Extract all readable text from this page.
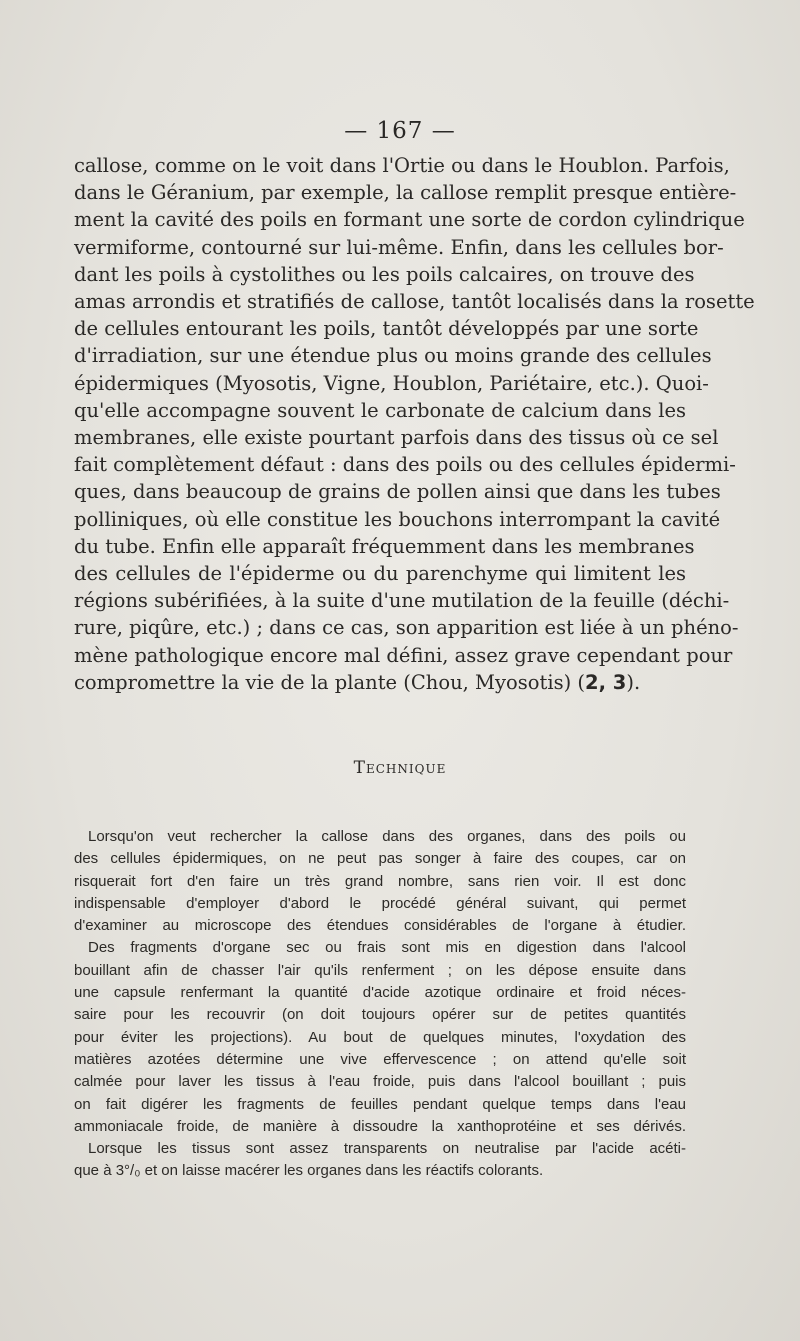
— 167 —
callose, comme on le voit dans l'Ortie ou dans le Houblon. Parfois,
dans le Géranium, par exemple, la callose remplit presque entière-
ment la cavité des poils en formant une sorte de cordon cylindrique
vermiforme, contourné sur lui-même. Enfin, dans les cellules bor-
dant les poils à cystolithes ou les poils calcaires, on trouve des
amas arrondis et stratifiés de callose, tantôt localisés dans la rosette
de cellules entourant les poils, tantôt développés par une sorte
d'irradiation, sur une étendue plus ou moins grande des cellules
épidermiques (Myosotis, Vigne, Houblon, Pariétaire, etc.). Quoi-
qu'elle accompagne souvent le carbonate de calcium dans les
membranes, elle existe pourtant parfois dans des tissus où ce sel
fait complètement défaut : dans des poils ou des cellules épidermi-
ques, dans beaucoup de grains de pollen ainsi que dans les tubes
polliniques, où elle constitue les bouchons interrompant la cavité
du tube. Enfin elle apparaît fréquemment dans les membranes
des cellules de l'épiderme ou du parenchyme qui limitent les
régions subérifiées, à la suite d'une mutilation de la feuille (déchi-
rure, piqûre, etc.) ; dans ce cas, son apparition est liée à un phéno-
mène pathologique encore mal défini, assez grave cependant pour
compromettre la vie de la plante (Chou, Myosotis) (2, 3).
Technique
Lorsqu'on veut rechercher la callose dans des organes, dans des poils ou
des cellules épidermiques, on ne peut pas songer à faire des coupes, car on
risquerait fort d'en faire un très grand nombre, sans rien voir. Il est donc
indispensable d'employer d'abord le procédé général suivant, qui permet
d'examiner au microscope des étendues considérables de l'organe à étudier.
Des fragments d'organe sec ou frais sont mis en digestion dans l'alcool
bouillant afin de chasser l'air qu'ils renferment ; on les dépose ensuite dans
une capsule renfermant la quantité d'acide azotique ordinaire et froid néces-
saire pour les recouvrir (on doit toujours opérer sur de petites quantités
pour éviter les projections). Au bout de quelques minutes, l'oxydation des
matières azotées détermine une vive effervescence ; on attend qu'elle soit
calmée pour laver les tissus à l'eau froide, puis dans l'alcool bouillant ; puis
on fait digérer les fragments de feuilles pendant quelque temps dans l'eau
ammoniacale froide, de manière à dissoudre la xanthoprotéine et ses dérivés.
Lorsque les tissus sont assez transparents on neutralise par l'acide acéti-
que à 3°/₀ et on laisse macérer les organes dans les réactifs colorants.
